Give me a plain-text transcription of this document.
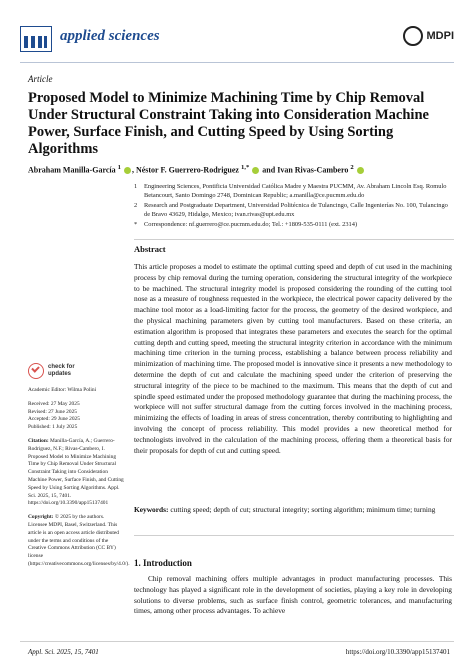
applied sciences	MDPI
Article
Proposed Model to Minimize Machining Time by Chip Removal Under Structural Constraint Taking into Consideration Machine Power, Surface Finish, and Cutting Speed by Using Sorting Algorithms
Abraham Manilla-García $^1$ , Néstor F. Guerrero-Rodriguez $^{1,*}$  and Ivan Rivas-Cambero $^2$
1	Engineering Sciences, Pontificia Universidad Católica Madre y Maestra PUCMM, Av. Abraham Lincoln Esq. Romulo Betancourt, Santo Domingo 2748, Dominican Republic; a.manilla@ce.pucmm.edu.do
2	Research and Postgraduate Department, Universidad Politécnica de Tulancingo, Calle Ingenierías No. 100, Tulancingo de Bravo 43629, Hidalgo, Mexico; ivan.rivas@upt.edu.mx
*	Correspondence: nf.guerrero@ce.pucmm.edu.do; Tel.: +1809-535-0111 (ext. 2314)
Abstract
This article proposes a model to estimate the optimal cutting speed and depth of cut used in the machining process by chip removal during the turning operation, considering the structural integrity of the workpiece to be machined. The structural integrity model is proposed considering the rounding of the cutting tool nose as a measure of roughness requested in the workpiece, the electrical power capacity delivered by the machine tool motor as a load-limiting factor for the process, the geometry of the desired workpiece, and the physical machining parameters given by cutting tool manufacturers. Based on these criteria, an estimation algorithm is proposed that integrates these parameters and executes the search for the optimal cutting depth and cutting speed, meeting the structural integrity criterion in accordance with the minimum machining time criterion in the turning process, establishing a balance between process reliability and minimization of machining time. The proposed model is innovative since it presents a new methodology to determine the depth of cut and calculate the machining speed under the criterion of preserving the structural integrity of the piece to be machined to the maximum. This means that the depth of cut and spindle speed estimated under the proposed methodology guarantee that during the machining process, the workpiece will not suffer structural damage from the cutting forces involved in the machining process, minimizing the effects of loading in areas of stress concentration, thereby contributing to highlighting and involving the concept of process reliability. This model provides a new theoretical method for technologists involved in the calculation of the machining process, offering them a theoretical basis for their proposals for depth of cut and cutting speed.
Keywords: cutting speed; depth of cut; structural integrity; sorting algorithm; minimum time; turning
check for
updates

Academic Editor: Wilma Polini

Received: 27 May 2025
Revised: 27 June 2025
Accepted: 29 June 2025

Published: 1 July 2025

Citation: Manilla-García, A.; Guerrero-Rodriguez, N.F.; Rivas-Cambero, I. Proposed Model to Minimize Machining Time by Chip Removal Under Structural Constraint Taking into Consideration Machine Power, Surface Finish, and Cutting Speed by Using Sorting Algorithms. Appl. Sci. 2025, 15, 7401. https://doi.org/10.3390/app15137401

Copyright: © 2025 by the authors. Licensee MDPI, Basel, Switzerland. This article is an open access article distributed under the terms and conditions of the Creative Commons Attribution (CC BY) license (https://creativecommons.org/licenses/by/4.0/). 1. Introduction
Chip removal machining offers multiple advantages in product manufacturing processes. This technology has played a significant role in the development of societies, playing a key role in developing solutions to diverse problems, such as surface finish control, geometric tolerances, and manufacturing times, among other process advantages. To achieve
Appl. Sci. 2025, 15, 7401	https://doi.org/10.3390/app15137401
